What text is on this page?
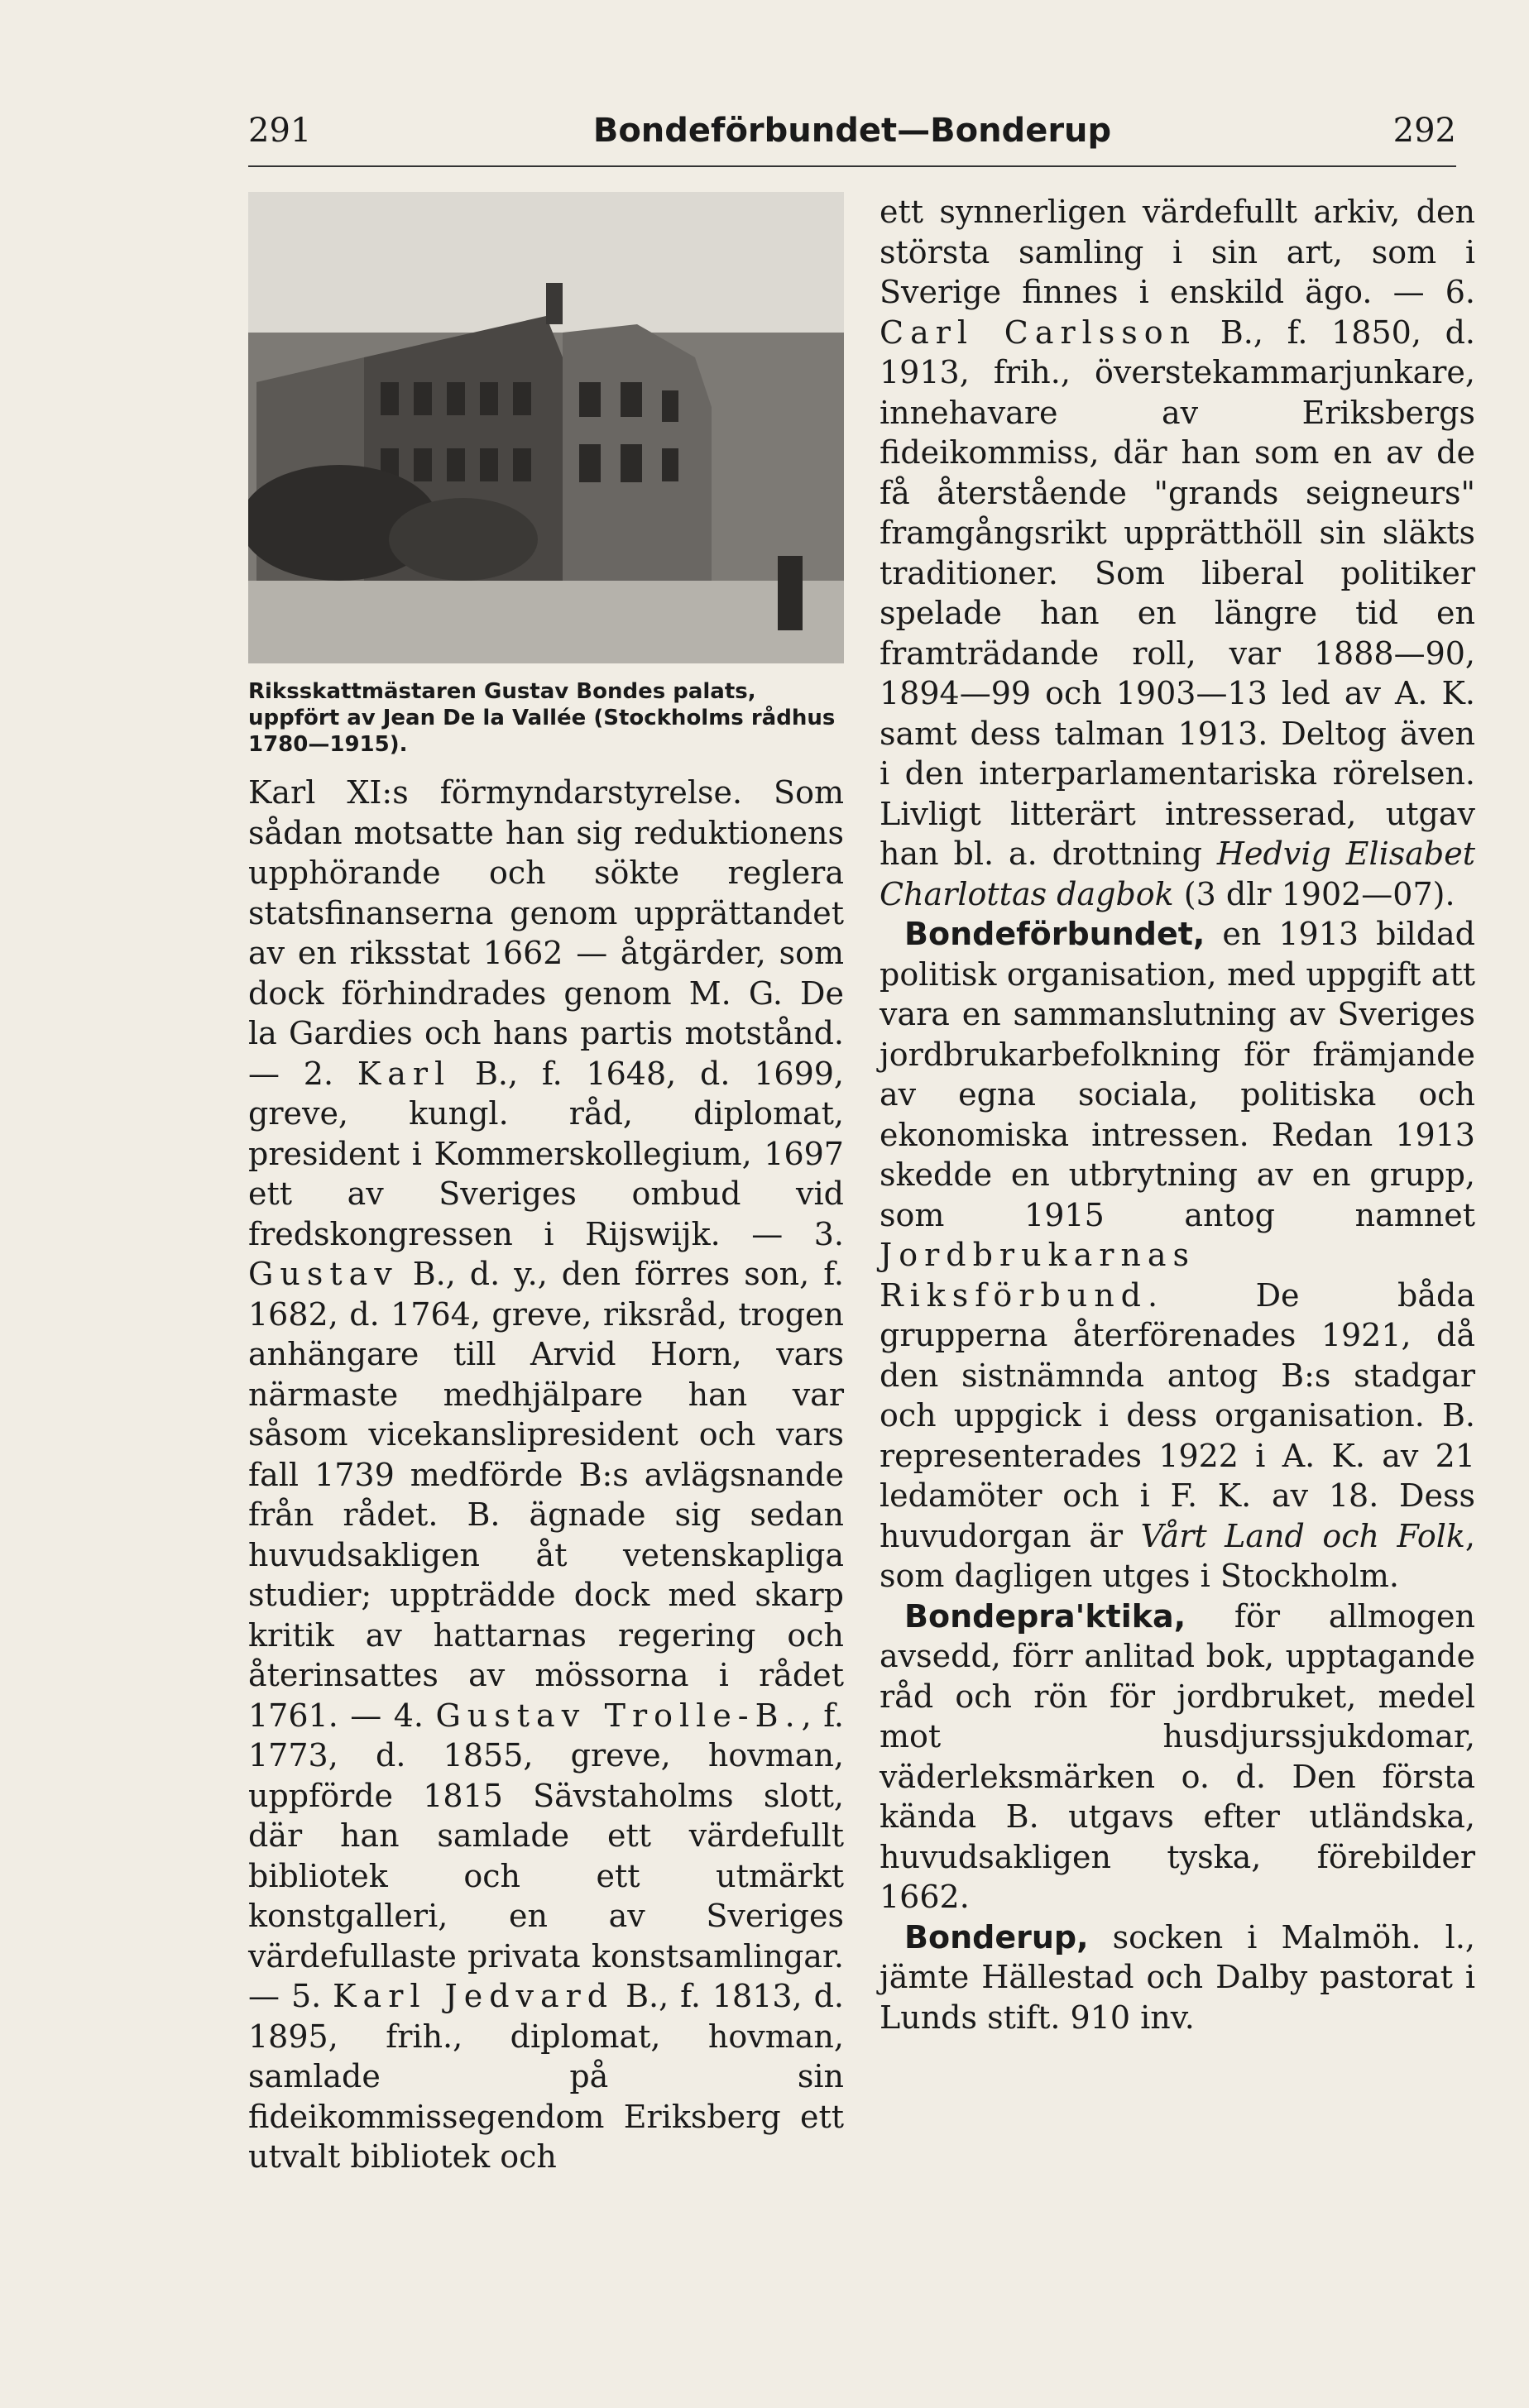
291	Bondeförbundet—Bonderup	292
Riksskattmästaren Gustav Bondes palats, uppfört av Jean De la Vallée (Stockholms rådhus 1780—1915).

Karl XI:s förmyndarstyrelse. Som sådan motsatte han sig reduktionens upphörande och sökte reglera statsfinanserna genom upprättandet av en riksstat 1662 — åtgärder, som dock förhindrades genom M. G. De la Gardies och hans partis motstånd. — 2. Karl B., f. 1648, d. 1699, greve, kungl. råd, diplomat, president i Kommerskollegium, 1697 ett av Sveriges ombud vid fredskongressen i Rijswijk. — 3. Gustav B., d. y., den förres son, f. 1682, d. 1764, greve, riksråd, trogen anhängare till Arvid Horn, vars närmaste medhjälpare han var såsom vicekanslipresident och vars fall 1739 medförde B:s avlägsnande från rådet. B. ägnade sig sedan huvudsakligen åt vetenskapliga studier; uppträdde dock med skarp kritik av hattarnas regering och återinsattes av mössorna i rådet 1761. — 4. Gustav Trolle-B., f. 1773, d. 1855, greve, hovman, uppförde 1815 Sävstaholms slott, där han samlade ett värdefullt bibliotek och ett utmärkt konstgalleri, en av Sveriges värdefullaste privata konstsamlingar. — 5. Karl Jedvard B., f. 1813, d. 1895, frih., diplomat, hovman, samlade på sin fideikommissegendom Eriksberg ett utvalt bibliotek och

ett synnerligen värdefullt arkiv, den största samling i sin art, som i Sverige finnes i enskild ägo. — 6. Carl Carlsson B., f. 1850, d. 1913, frih., överstekammarjunkare, innehavare av Eriksbergs fideikommiss, där han som en av de få återstående "grands seigneurs" framgångsrikt upprätthöll sin släkts traditioner. Som liberal politiker spelade han en längre tid en framträdande roll, var 1888—90, 1894—99 och 1903—13 led av A. K. samt dess talman 1913. Deltog även i den interparlamentariska rörelsen. Livligt litterärt intresserad, utgav han bl. a. drottning Hedvig Elisabet Charlottas dagbok (3 dlr 1902—07).

Bondeförbundet, en 1913 bildad politisk organisation, med uppgift att vara en sammanslutning av Sveriges jordbrukarbefolkning för främjande av egna sociala, politiska och ekonomiska intressen. Redan 1913 skedde en utbrytning av en grupp, som 1915 antog namnet Jordbrukarnas Riksförbund. De båda grupperna återförenades 1921, då den sistnämnda antog B:s stadgar och uppgick i dess organisation. B. representerades 1922 i A. K. av 21 ledamöter och i F. K. av 18. Dess huvudorgan är Vårt Land och Folk, som dagligen utges i Stockholm.

Bondepra'ktika, för allmogen avsedd, förr anlitad bok, upptagande råd och rön för jordbruket, medel mot husdjurssjukdomar, väderleksmärken o. d. Den första kända B. utgavs efter utländska, huvudsakligen tyska, förebilder 1662.

Bonderup, socken i Malmöh. l., jämte Hällestad och Dalby pastorat i Lunds stift. 910 inv.
